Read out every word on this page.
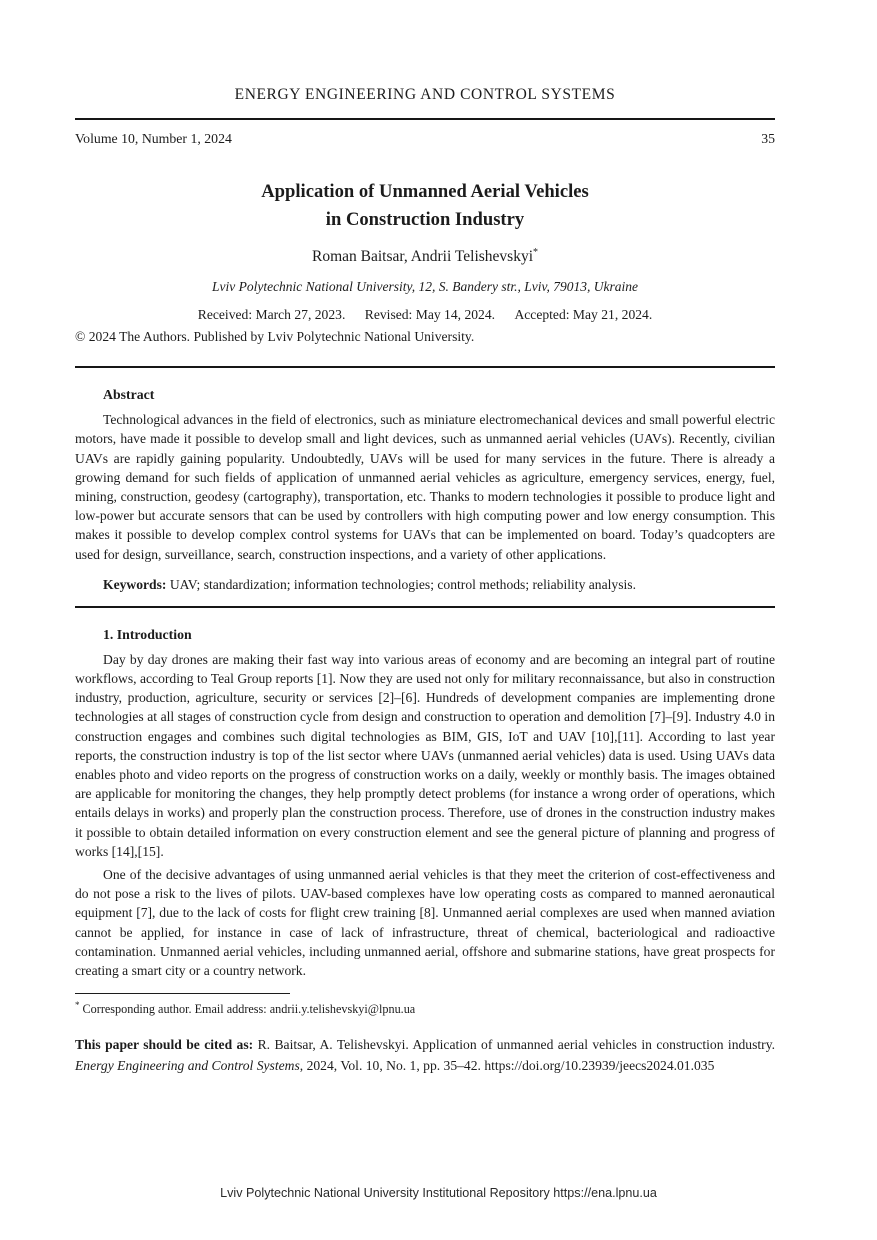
ENERGY ENGINEERING AND CONTROL SYSTEMS
Volume 10, Number 1, 2024	35
Application of Unmanned Aerial Vehicles
in Construction Industry
Roman Baitsar, Andrii Telishevskyi*
Lviv Polytechnic National University, 12, S. Bandery str., Lviv, 79013, Ukraine
Received: March 27, 2023. Revised: May 14, 2024. Accepted: May 21, 2024.
© 2024 The Authors. Published by Lviv Polytechnic National University.
Abstract

Technological advances in the field of electronics, such as miniature electromechanical devices and small powerful electric motors, have made it possible to develop small and light devices, such as unmanned aerial vehicles (UAVs). Recently, civilian UAVs are rapidly gaining popularity. Undoubtedly, UAVs will be used for many services in the future. There is already a growing demand for such fields of application of unmanned aerial vehicles as agriculture, emergency services, energy, fuel, mining, construction, geodesy (cartography), transportation, etc. Thanks to modern technologies it possible to produce light and low-power but accurate sensors that can be used by controllers with high computing power and low energy consumption. This makes it possible to develop complex control systems for UAVs that can be implemented on board. Today’s quadcopters are used for design, surveillance, search, construction inspections, and a variety of other applications.

Keywords: UAV; standardization; information technologies; control methods; reliability analysis.
1. Introduction

Day by day drones are making their fast way into various areas of economy and are becoming an integral part of routine workflows, according to Teal Group reports [1]. Now they are used not only for military reconnaissance, but also in construction industry, production, agriculture, security or services [2]–[6]. Hundreds of development companies are implementing drone technologies at all stages of construction cycle from design and construction to operation and demolition [7]–[9]. Industry 4.0 in construction engages and combines such digital technologies as BIM, GIS, IoT and UAV [10],[11]. According to last year reports, the construction industry is top of the list sector where UAVs (unmanned aerial vehicles) data is used. Using UAVs data enables photo and video reports on the progress of construction works on a daily, weekly or monthly basis. The images obtained are applicable for monitoring the changes, they help promptly detect problems (for instance a wrong order of operations, which entails delays in works) and properly plan the construction process. Therefore, use of drones in the construction industry makes it possible to obtain detailed information on every construction element and see the general picture of planning and progress of works [14],[15].

One of the decisive advantages of using unmanned aerial vehicles is that they meet the criterion of cost-effectiveness and do not pose a risk to the lives of pilots. UAV-based complexes have low operating costs as compared to manned aeronautical equipment [7], due to the lack of costs for flight crew training [8]. Unmanned aerial complexes are used when manned aviation cannot be applied, for instance in case of lack of infrastructure, threat of chemical, bacteriological and radioactive contamination. Unmanned aerial vehicles, including unmanned aerial, offshore and submarine stations, have great prospects for creating a smart city or a country network.

* Corresponding author. Email address: andrii.y.telishevskyi@lpnu.ua

This paper should be cited as: R. Baitsar, A. Telishevskyi. Application of unmanned aerial vehicles in construction industry. Energy Engineering and Control Systems, 2024, Vol. 10, No. 1, pp. 35–42. https://doi.org/10.23939/jeecs2024.01.035

Lviv Polytechnic National University Institutional Repository https://ena.lpnu.ua
